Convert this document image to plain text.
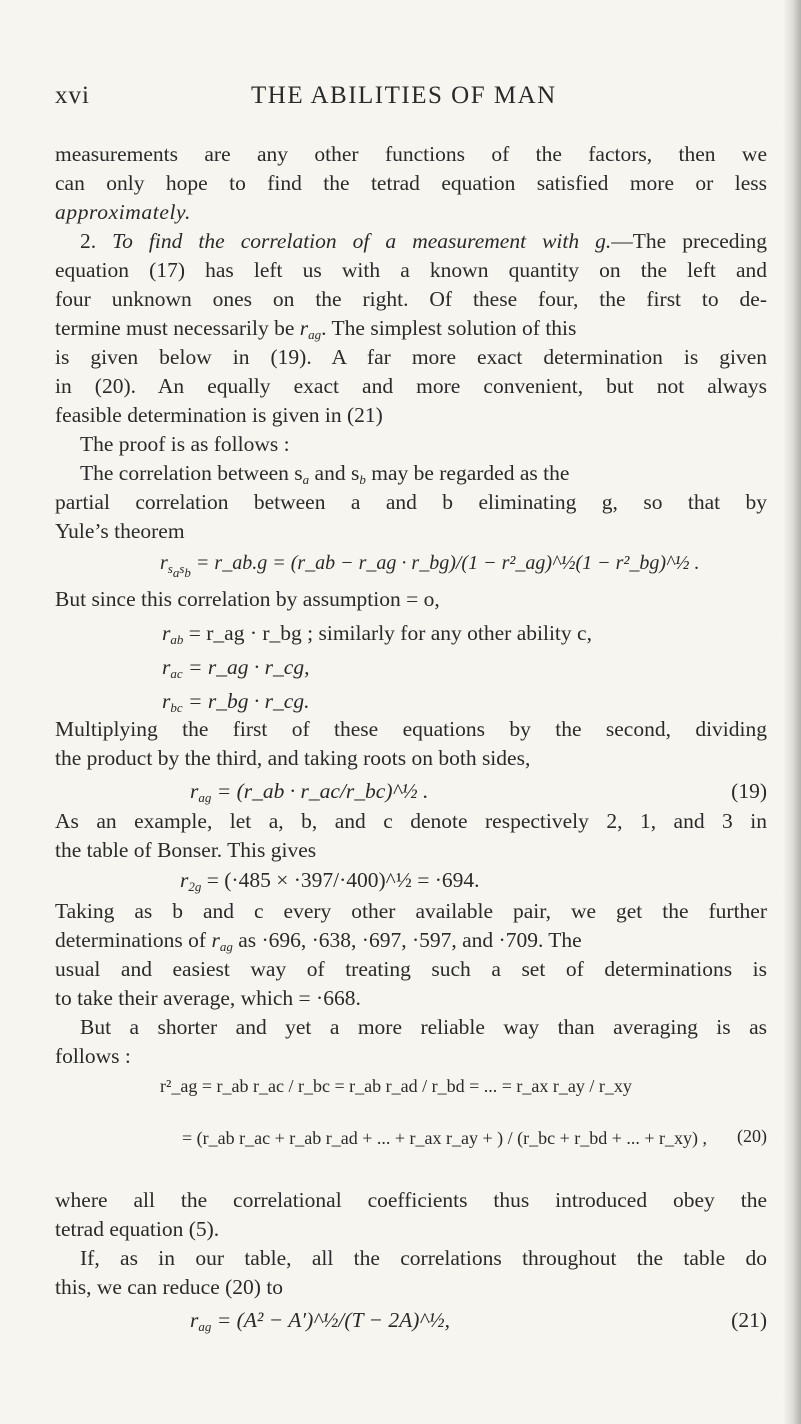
xvi	THE ABILITIES OF MAN
measurements are any other functions of the factors, then we
can only hope to find the tetrad equation satisfied more or less
approximately.
2. To find the correlation of a measurement with g.—The preceding
equation (17) has left us with a known quantity on the left and
four unknown ones on the right. Of these four, the first to de-
termine must necessarily be $r_{ag}$. The simplest solution of this
is given below in (19). A far more exact determination is given
in (20). An equally exact and more convenient, but not always
feasible determination is given in (21)
The proof is as follows :
The correlation between $s_a$ and $s_b$ may be regarded as the
partial correlation between a and b eliminating g, so that by
Yule’s theorem
$r_{s_as_b}$ = r_ab.g = (r_ab − r_ag · r_bg)/(1 − r²_ag)^½(1 − r²_bg)^½ .
But since this correlation by assumption = o,
$r_{ab}$ = r_ag · r_bg ; similarly for any other ability c,
$r_{ac}$ = r_ag · r_cg,
$r_{bc}$ = r_bg · r_cg.
Multiplying the first of these equations by the second, dividing
the product by the third, and taking roots on both sides,
$r_{ag}$ = (r_ab · r_ac/r_bc)^½ .	(19)
As an example, let a, b, and c denote respectively 2, 1, and 3 in
the table of Bonser. This gives
$r_{2g} = (\cdot 485$ × ·397/·400)^½ = ·694.
Taking as b and c every other available pair, we get the further
determinations of $r_{ag}$ as ·696, ·638, ·697, ·597, and ·709. The
usual and easiest way of treating such a set of determinations is
to take their average, which = ·668.
But a shorter and yet a more reliable way than averaging is as
follows :
r²_ag = r_ab r_ac / r_bc = r_ab r_ad / r_bd = ... = r_ax r_ay / r_xy
= (r_ab r_ac + r_ab r_ad + ... + r_ax r_ay + ) / (r_bc + r_bd + ... + r_xy) , (20)
where all the correlational coefficients thus introduced obey the
tetrad equation (5).
If, as in our table, all the correlations throughout the table do
this, we can reduce (20) to
$r_{ag} = (A^2$ − A′)^½/(T − 2A)^½,	(21)
